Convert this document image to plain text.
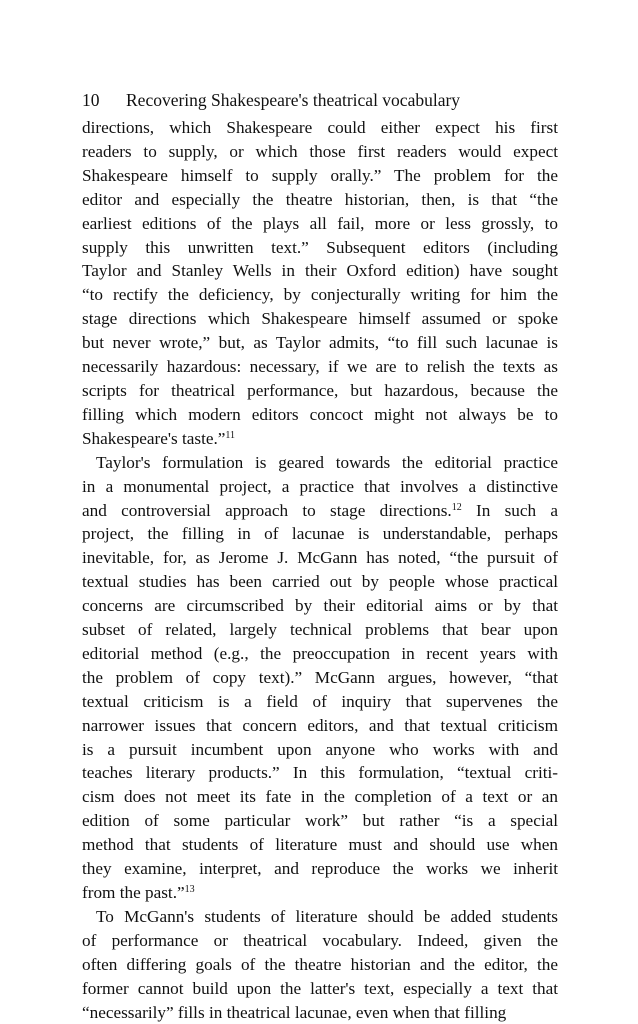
10 Recovering Shakespeare's theatrical vocabulary
directions, which Shakespeare could either expect his first
readers to supply, or which those first readers would expect
Shakespeare himself to supply orally.” The problem for the
editor and especially the theatre historian, then, is that “the
earliest editions of the plays all fail, more or less grossly, to
supply this unwritten text.” Subsequent editors (including
Taylor and Stanley Wells in their Oxford edition) have sought
“to rectify the deficiency, by conjecturally writing for him the
stage directions which Shakespeare himself assumed or spoke
but never wrote,” but, as Taylor admits, “to fill such lacunae is
necessarily hazardous: necessary, if we are to relish the texts as
scripts for theatrical performance, but hazardous, because the
filling which modern editors concoct might not always be to
Shakespeare's taste.”$^{11}$
Taylor's formulation is geared towards the editorial practice
in a monumental project, a practice that involves a distinctive
and controversial approach to stage directions.$^{12}$ In such a
project, the filling in of lacunae is understandable, perhaps
inevitable, for, as Jerome J. McGann has noted, “the pursuit of
textual studies has been carried out by people whose practical
concerns are circumscribed by their editorial aims or by that
subset of related, largely technical problems that bear upon
editorial method (e.g., the preoccupation in recent years with
the problem of copy text).” McGann argues, however, “that
textual criticism is a field of inquiry that supervenes the
narrower issues that concern editors, and that textual criticism
is a pursuit incumbent upon anyone who works with and
teaches literary products.” In this formulation, “textual criti-
cism does not meet its fate in the completion of a text or an
edition of some particular work” but rather “is a special
method that students of literature must and should use when
they examine, interpret, and reproduce the works we inherit
from the past.”$^{13}$
To McGann's students of literature should be added students
of performance or theatrical vocabulary. Indeed, given the
often differing goals of the theatre historian and the editor, the
former cannot build upon the latter's text, especially a text that
“necessarily” fills in theatrical lacunae, even when that filling
